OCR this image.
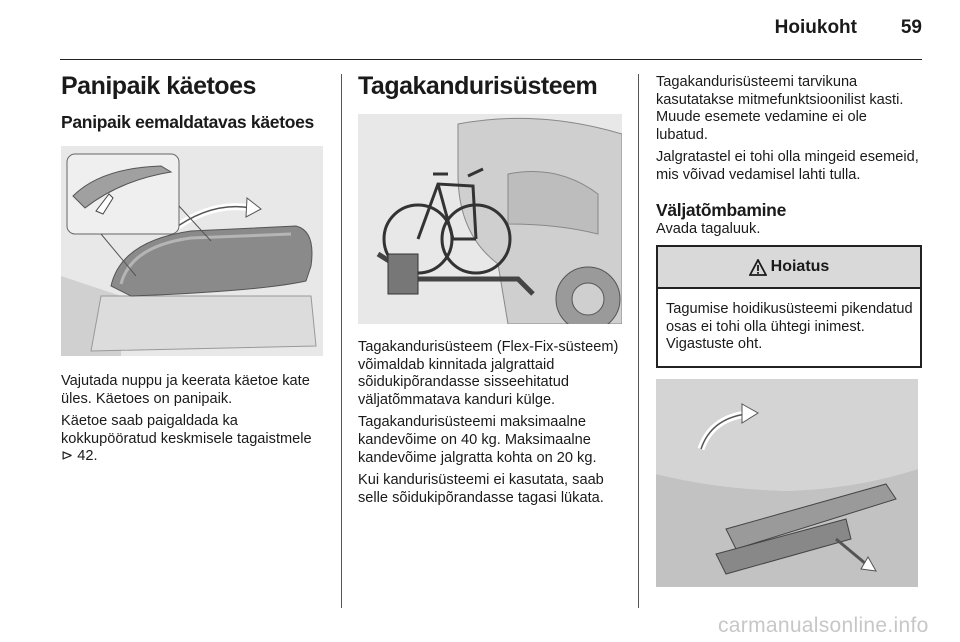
Hoiukoht 59
Panipaik käetoes
Panipaik eemaldatavas käetoes

Vajutada nuppu ja keerata käetoe kate üles. Käetoes on panipaik.

Käetoe saab paigaldada ka kokkupööratud keskmisele tagaistmele ⊳ 42.

Tagakandurisüsteem

Tagakandurisüsteem (Flex-Fix-süsteem) võimaldab kinnitada jalgrattaid sõidukipõrandasse sisseehitatud väljatõmmatava kanduri külge.

Tagakandurisüsteemi maksimaalne kandevõime on 40 kg. Maksimaalne kandevõime jalgratta kohta on 20 kg.

Kui kandurisüsteemi ei kasutata, saab selle sõidukipõrandasse tagasi lükata.

Tagakandurisüsteemi tarvikuna kasutatakse mitmefunktsioonilist kasti. Muude esemete vedamine ei ole lubatud.

Jalgratastel ei tohi olla mingeid esemeid, mis võivad vedamisel lahti tulla.

Väljatõmbamine

Avada tagaluuk.

Hoiatus

Tagumise hoidikusüsteemi pikendatud osas ei tohi olla ühtegi inimest. Vigastuste oht.

carmanualsonline.info
